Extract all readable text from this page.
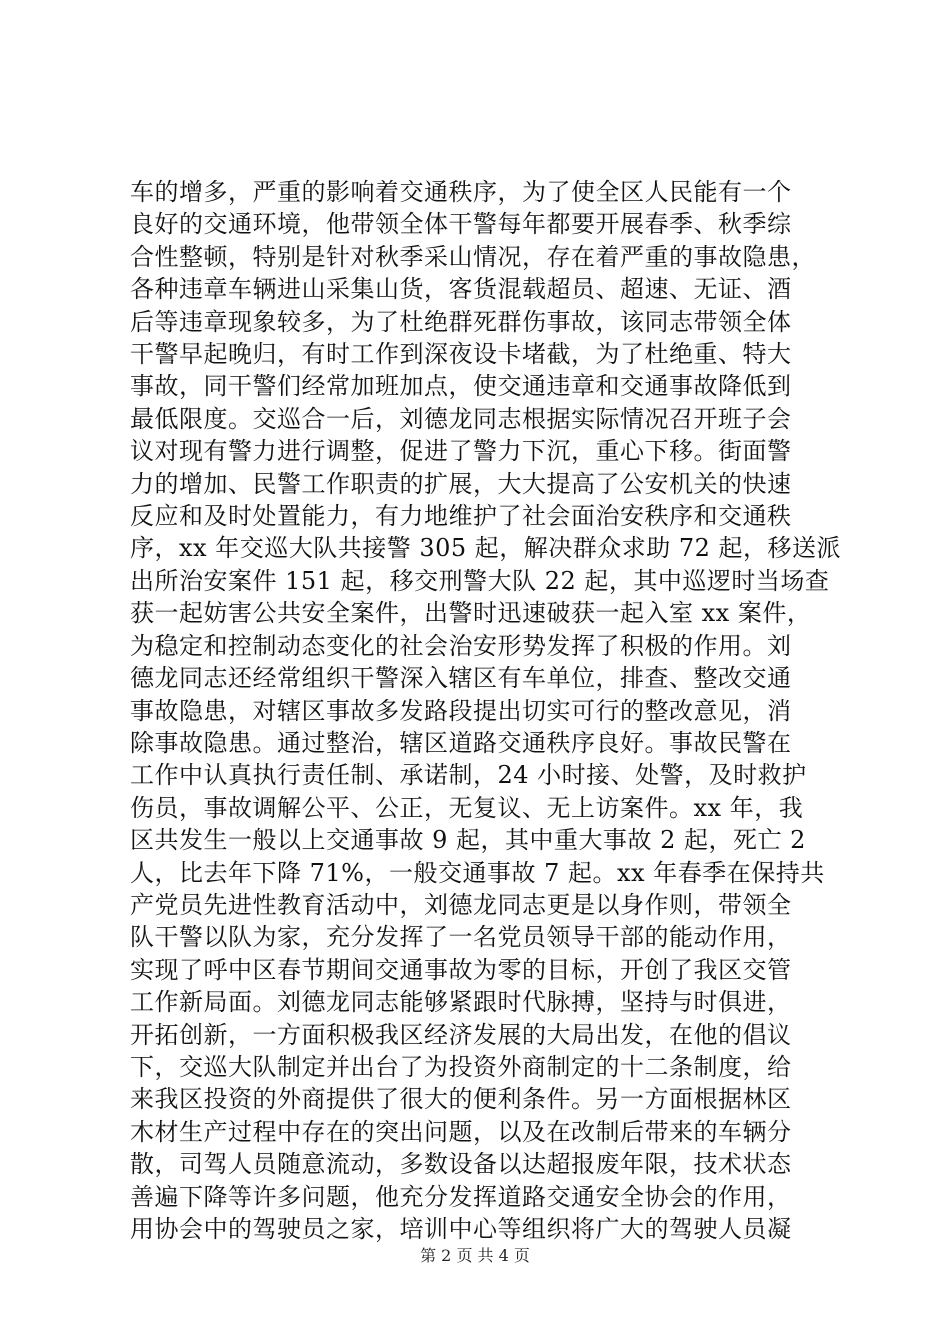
车的增多，严重的影响着交通秩序，为了使全区人民能有一个
良好的交通环境，他带领全体干警每年都要开展春季、秋季综
合性整顿，特别是针对秋季采山情况，存在着严重的事故隐患，
各种违章车辆进山采集山货，客货混载超员、超速、无证、酒
后等违章现象较多，为了杜绝群死群伤事故，该同志带领全体
干警早起晚归，有时工作到深夜设卡堵截，为了杜绝重、特大
事故，同干警们经常加班加点，使交通违章和交通事故降低到
最低限度。交巡合一后，刘德龙同志根据实际情况召开班子会
议对现有警力进行调整，促进了警力下沉，重心下移。街面警
力的增加、民警工作职责的扩展，大大提高了公安机关的快速
反应和及时处置能力，有力地维护了社会面治安秩序和交通秩
序，xx 年交巡大队共接警 305 起，解决群众求助 72 起，移送派
出所治安案件 151 起，移交刑警大队 22 起，其中巡逻时当场查
获一起妨害公共安全案件，出警时迅速破获一起入室 xx 案件，
为稳定和控制动态变化的社会治安形势发挥了积极的作用。刘
德龙同志还经常组织干警深入辖区有车单位，排查、整改交通
事故隐患，对辖区事故多发路段提出切实可行的整改意见，消
除事故隐患。通过整治，辖区道路交通秩序良好。事故民警在
工作中认真执行责任制、承诺制，24 小时接、处警，及时救护
伤员，事故调解公平、公正，无复议、无上访案件。xx 年，我
区共发生一般以上交通事故 9 起，其中重大事故 2 起，死亡 2
人，比去年下降 71%，一般交通事故 7 起。xx 年春季在保持共
产党员先进性教育活动中，刘德龙同志更是以身作则，带领全
队干警以队为家，充分发挥了一名党员领导干部的能动作用，
实现了呼中区春节期间交通事故为零的目标，开创了我区交管
工作新局面。刘德龙同志能够紧跟时代脉搏，坚持与时俱进，
开拓创新，一方面积极我区经济发展的大局出发，在他的倡议
下，交巡大队制定并出台了为投资外商制定的十二条制度，给
来我区投资的外商提供了很大的便利条件。另一方面根据林区
木材生产过程中存在的突出问题，以及在改制后带来的车辆分
散，司驾人员随意流动，多数设备以达超报废年限，技术状态
善遍下降等许多问题，他充分发挥道路交通安全协会的作用，
用协会中的驾驶员之家，培训中心等组织将广大的驾驶人员凝
第 2 页 共 4 页
